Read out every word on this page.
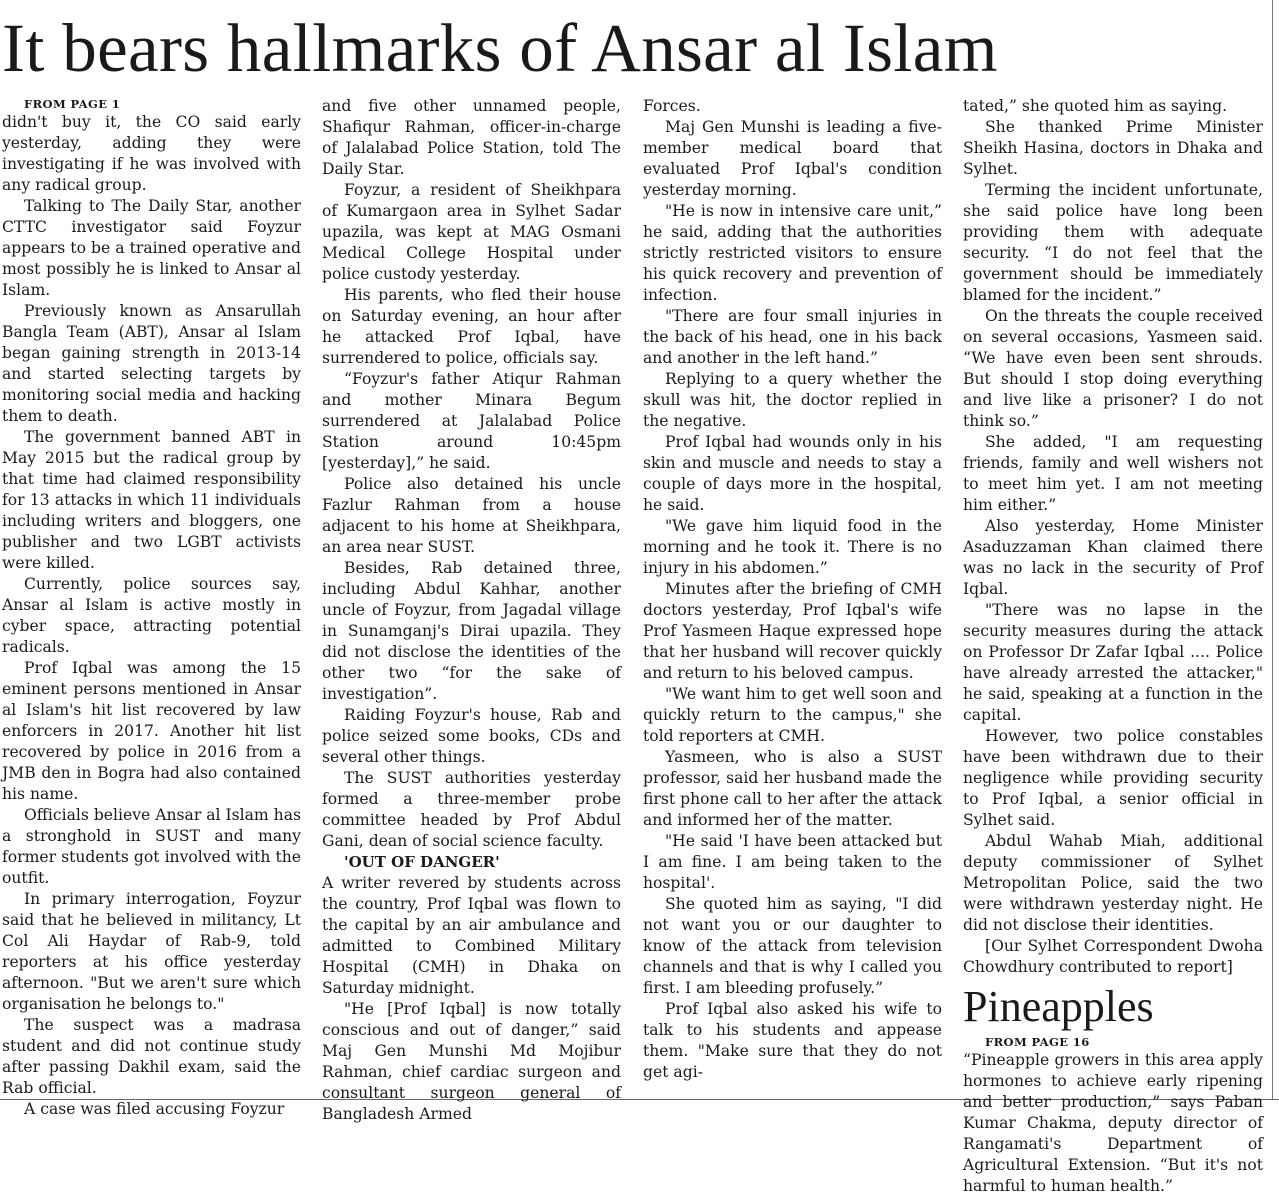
It bears hallmarks of Ansar al Islam

FROM PAGE 1

didn't buy it, the CO said early yesterday, adding they were investigating if he was involved with any radical group.

Talking to The Daily Star, another CTTC investigator said Foyzur appears to be a trained operative and most possibly he is linked to Ansar al Islam.

Previously known as Ansarullah Bangla Team (ABT), Ansar al Islam began gaining strength in 2013-14 and started selecting targets by monitoring social media and hacking them to death.

The government banned ABT in May 2015 but the radical group by that time had claimed responsibility for 13 attacks in which 11 individuals including writers and bloggers, one publisher and two LGBT activists were killed.

Currently, police sources say, Ansar al Islam is active mostly in cyber space, attracting potential radicals.

Prof Iqbal was among the 15 eminent persons mentioned in Ansar al Islam's hit list recovered by law enforcers in 2017. Another hit list recovered by police in 2016 from a JMB den in Bogra had also contained his name.

Officials believe Ansar al Islam has a stronghold in SUST and many former students got involved with the outfit.

In primary interrogation, Foyzur said that he believed in militancy, Lt Col Ali Haydar of Rab-9, told reporters at his office yesterday afternoon. "But we aren't sure which organisation he belongs to."

The suspect was a madrasa student and did not continue study after passing Dakhil exam, said the Rab official.

A case was filed accusing Foyzur

and five other unnamed people, Shafiqur Rahman, officer-in-charge of Jalalabad Police Station, told The Daily Star.

Foyzur, a resident of Sheikhpara of Kumargaon area in Sylhet Sadar upazila, was kept at MAG Osmani Medical College Hospital under police custody yesterday.

His parents, who fled their house on Saturday evening, an hour after he attacked Prof Iqbal, have surrendered to police, officials say.

“Foyzur's father Atiqur Rahman and mother Minara Begum surrendered at Jalalabad Police Station around 10:45pm [yesterday],” he said.

Police also detained his uncle Fazlur Rahman from a house adjacent to his home at Sheikhpara, an area near SUST.

Besides, Rab detained three, including Abdul Kahhar, another uncle of Foyzur, from Jagadal village in Sunamganj's Dirai upazila. They did not disclose the identities of the other two “for the sake of investigation”.

Raiding Foyzur's house, Rab and police seized some books, CDs and several other things.

The SUST authorities yesterday formed a three-member probe committee headed by Prof Abdul Gani, dean of social science faculty.

'OUT OF DANGER'

A writer revered by students across the country, Prof Iqbal was flown to the capital by an air ambulance and admitted to Combined Military Hospital (CMH) in Dhaka on Saturday midnight.

"He [Prof Iqbal] is now totally conscious and out of danger,” said Maj Gen Munshi Md Mojibur Rahman, chief cardiac surgeon and consultant surgeon general of Bangladesh Armed

Forces.

Maj Gen Munshi is leading a five-member medical board that evaluated Prof Iqbal's condition yesterday morning.

"He is now in intensive care unit,” he said, adding that the authorities strictly restricted visitors to ensure his quick recovery and prevention of infection.

"There are four small injuries in the back of his head, one in his back and another in the left hand.”

Replying to a query whether the skull was hit, the doctor replied in the negative.

Prof Iqbal had wounds only in his skin and muscle and needs to stay a couple of days more in the hospital, he said.

"We gave him liquid food in the morning and he took it. There is no injury in his abdomen.”

Minutes after the briefing of CMH doctors yesterday, Prof Iqbal's wife Prof Yasmeen Haque expressed hope that her husband will recover quickly and return to his beloved campus.

"We want him to get well soon and quickly return to the campus," she told reporters at CMH.

Yasmeen, who is also a SUST professor, said her husband made the first phone call to her after the attack and informed her of the matter.

"He said 'I have been attacked but I am fine. I am being taken to the hospital'.

She quoted him as saying, "I did not want you or our daughter to know of the attack from television channels and that is why I called you first. I am bleeding profusely.”

Prof Iqbal also asked his wife to talk to his students and appease them. "Make sure that they do not get agi-

tated,” she quoted him as saying.

She thanked Prime Minister Sheikh Hasina, doctors in Dhaka and Sylhet.

Terming the incident unfortunate, she said police have long been providing them with adequate security. “I do not feel that the government should be immediately blamed for the incident.”

On the threats the couple received on several occasions, Yasmeen said. “We have even been sent shrouds. But should I stop doing everything and live like a prisoner? I do not think so.”

She added, "I am requesting friends, family and well wishers not to meet him yet. I am not meeting him either.”

Also yesterday, Home Minister Asaduzzaman Khan claimed there was no lack in the security of Prof Iqbal.

"There was no lapse in the security measures during the attack on Professor Dr Zafar Iqbal .... Police have already arrested the attacker," he said, speaking at a function in the capital.

However, two police constables have been withdrawn due to their negligence while providing security to Prof Iqbal, a senior official in Sylhet said.

Abdul Wahab Miah, additional deputy commissioner of Sylhet Metropolitan Police, said the two were withdrawn yesterday night. He did not disclose their identities.

[Our Sylhet Correspondent Dwoha Chowdhury contributed to report]

Pineapples

FROM PAGE 16

“Pineapple growers in this area apply hormones to achieve early ripening and better production,” says Paban Kumar Chakma, deputy director of Rangamati's Department of Agricultural Extension. “But it's not harmful to human health.”
